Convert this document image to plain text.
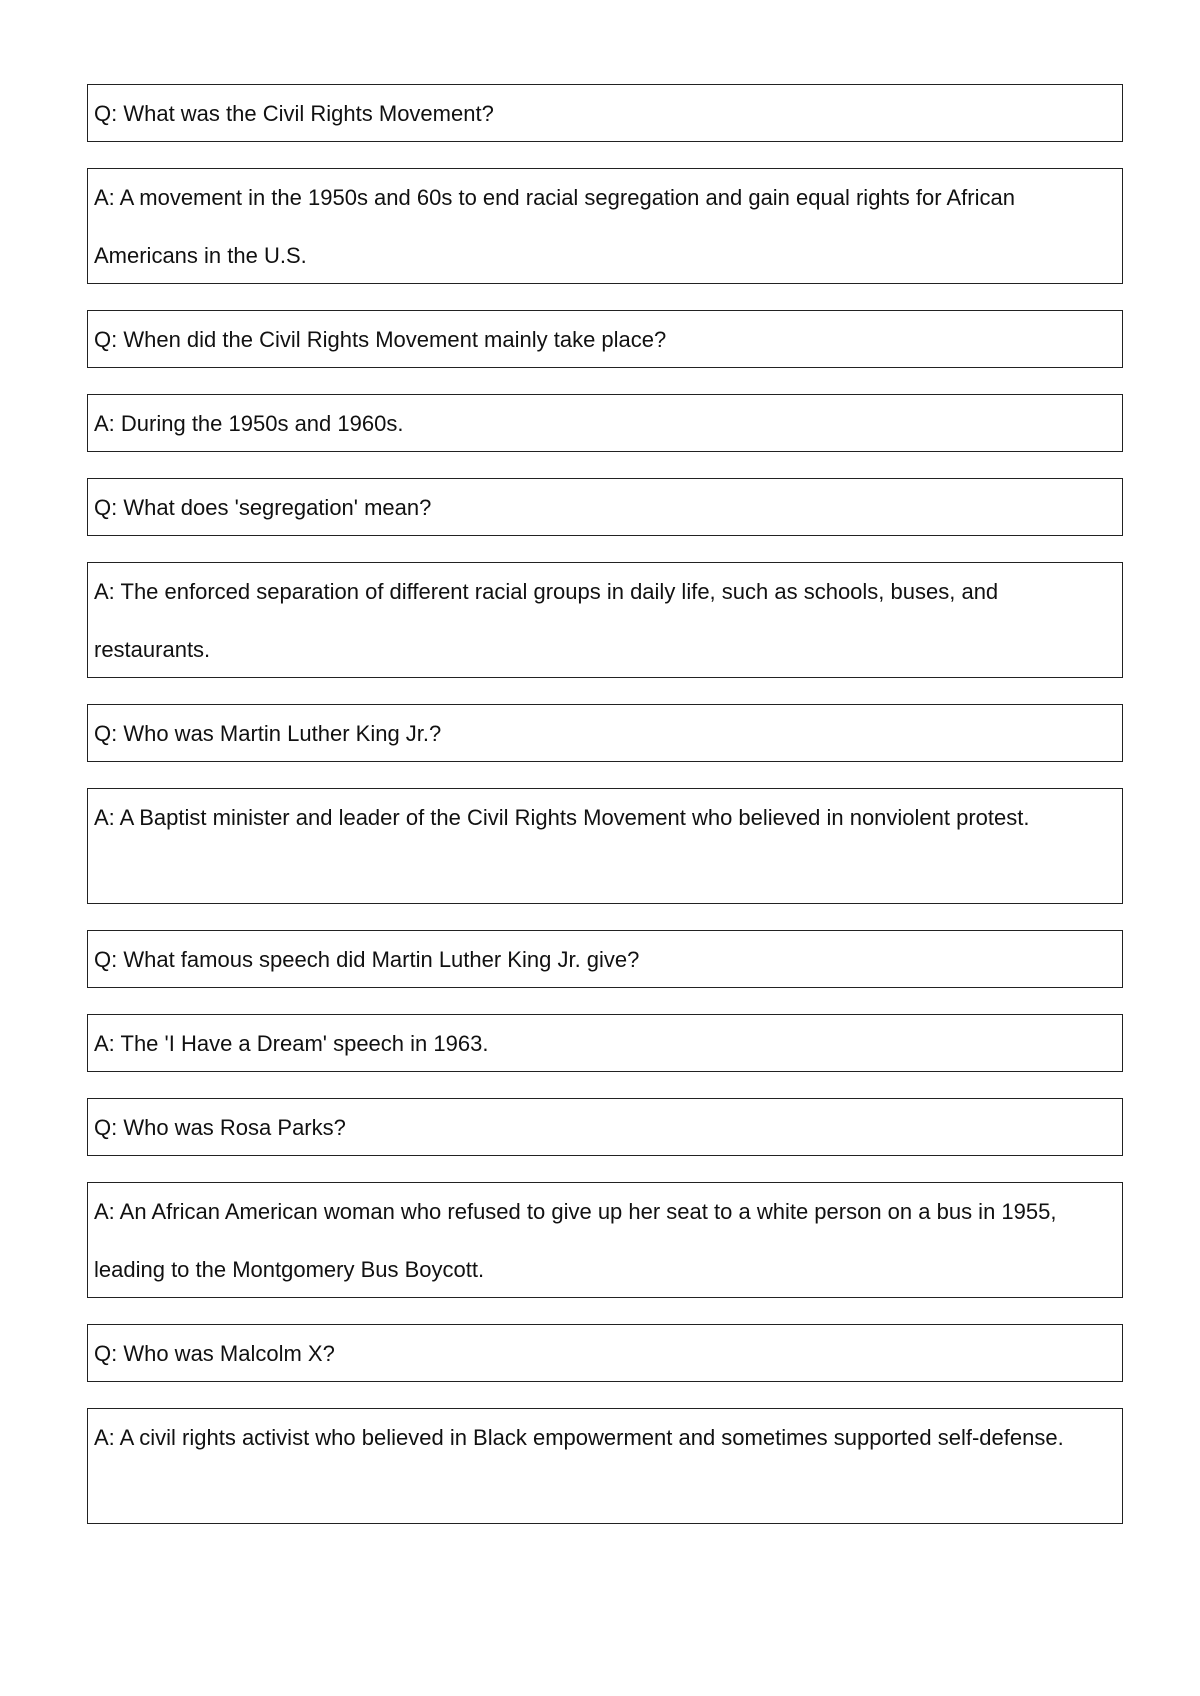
Q: What was the Civil Rights Movement?
A: A movement in the 1950s and 60s to end racial segregation and gain equal rights for African Americans in the U.S.
Q: When did the Civil Rights Movement mainly take place?
A: During the 1950s and 1960s.
Q: What does 'segregation' mean?
A: The enforced separation of different racial groups in daily life, such as schools, buses, and restaurants.
Q: Who was Martin Luther King Jr.?
A: A Baptist minister and leader of the Civil Rights Movement who believed in nonviolent protest.
Q: What famous speech did Martin Luther King Jr. give?
A: The 'I Have a Dream' speech in 1963.
Q: Who was Rosa Parks?
A: An African American woman who refused to give up her seat to a white person on a bus in 1955, leading to the Montgomery Bus Boycott.
Q: Who was Malcolm X?
A: A civil rights activist who believed in Black empowerment and sometimes supported self-defense.
